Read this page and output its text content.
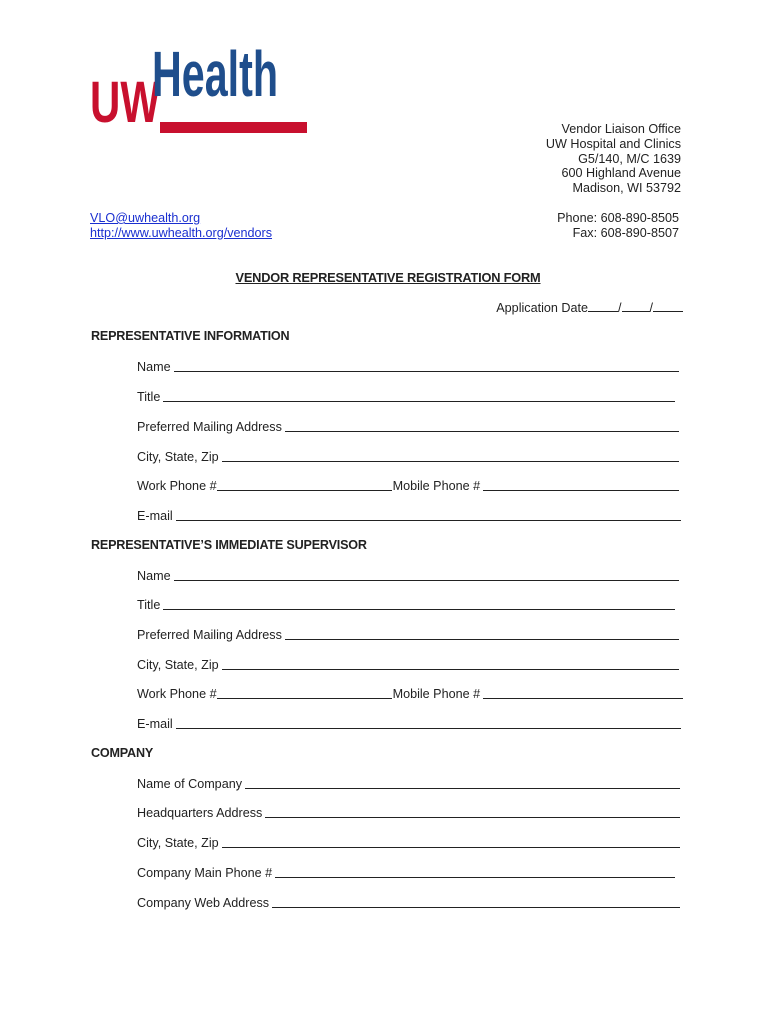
UW
Health
Vendor Liaison Office
UW Hospital and Clinics
G5/140, M/C 1639
600 Highland Avenue
Madison, WI 53792
VLO@uwhealth.org
http://www.uwhealth.org/vendors
Phone: 608-890-8505
Fax: 608-890-8507
VENDOR REPRESENTATIVE REGISTRATION FORM
Application Date / /
REPRESENTATIVE INFORMATION
Name
Title
Preferred Mailing Address
City, State, Zip
Work Phone #	Mobile Phone #
E-mail
REPRESENTATIVE’S IMMEDIATE SUPERVISOR
Name
Title
Preferred Mailing Address
City, State, Zip
Work Phone #	Mobile Phone #
E-mail
COMPANY
Name of Company
Headquarters Address
City, State, Zip
Company Main Phone #
Company Web Address
